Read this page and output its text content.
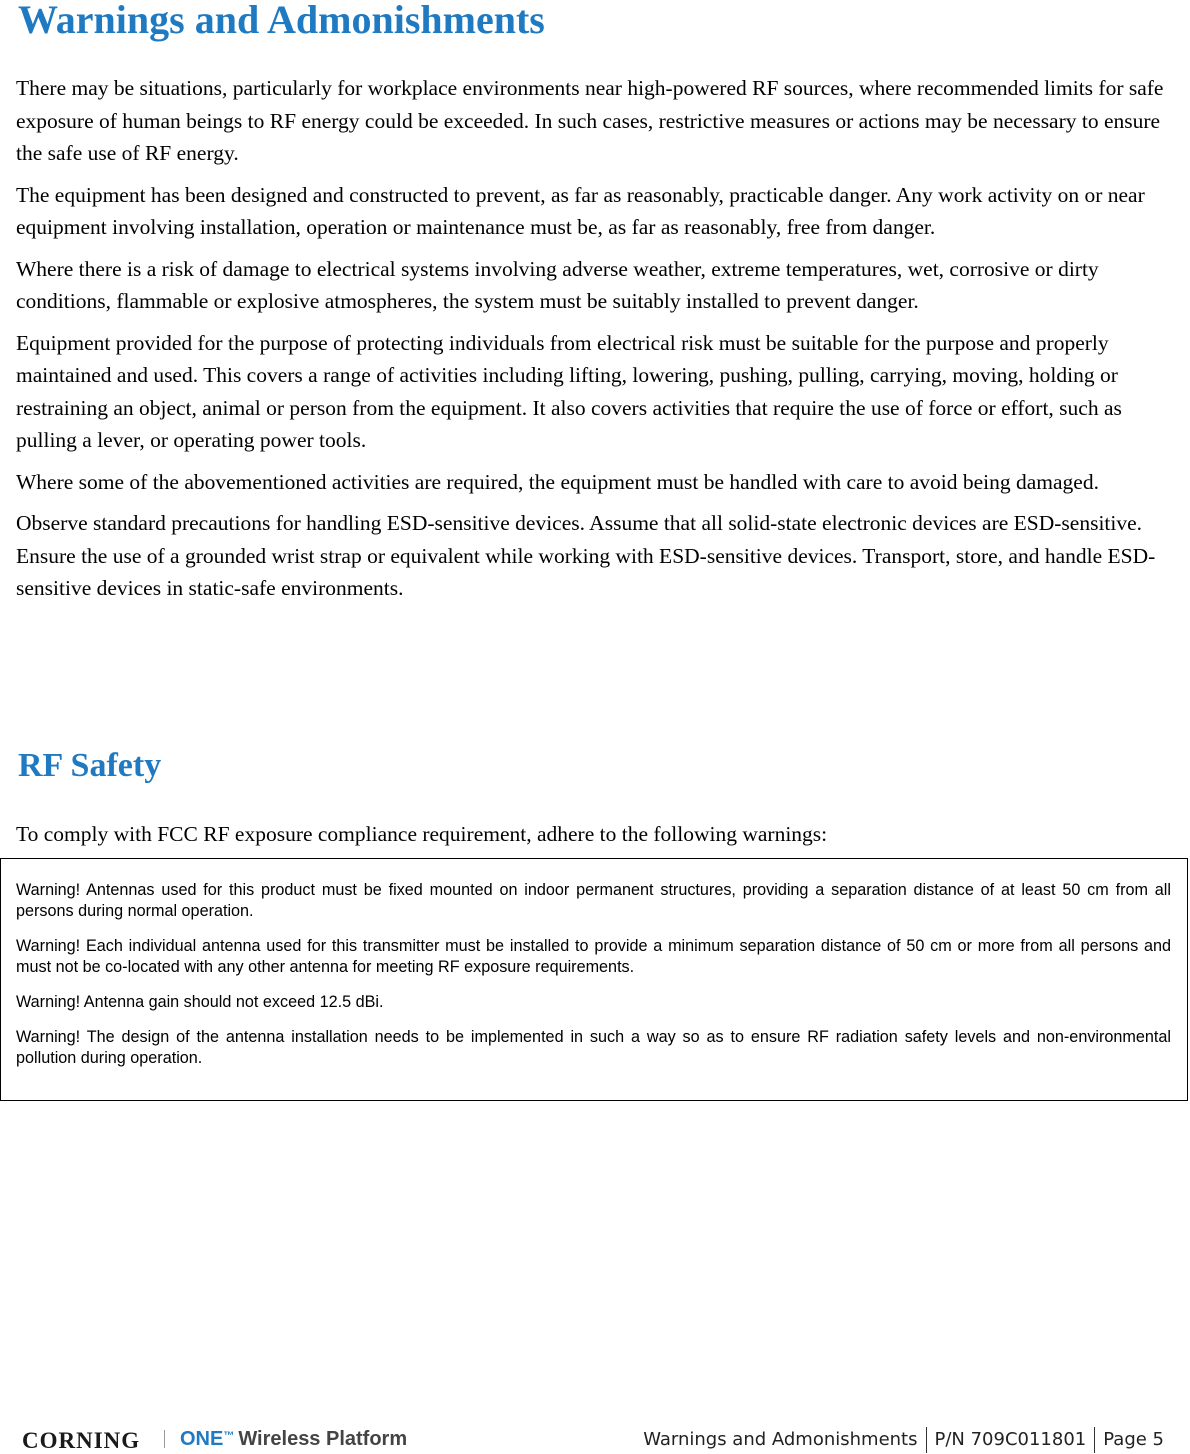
Warnings and Admonishments

There may be situations, particularly for workplace environments near high-powered RF sources, where recommended limits for safe exposure of human beings to RF energy could be exceeded. In such cases, restrictive measures or actions may be necessary to ensure the safe use of RF energy.

The equipment has been designed and constructed to prevent, as far as reasonably, practicable danger. Any work activity on or near equipment involving installation, operation or maintenance must be, as far as reasonably, free from danger.

Where there is a risk of damage to electrical systems involving adverse weather, extreme temperatures, wet, corrosive or dirty conditions, flammable or explosive atmospheres, the system must be suitably installed to prevent danger.

Equipment provided for the purpose of protecting individuals from electrical risk must be suitable for the purpose and properly maintained and used. This covers a range of activities including lifting, lowering, pushing, pulling, carrying, moving, holding or restraining an object, animal or person from the equipment. It also covers activities that require the use of force or effort, such as pulling a lever, or operating power tools.

Where some of the abovementioned activities are required, the equipment must be handled with care to avoid being damaged.

Observe standard precautions for handling ESD-sensitive devices. Assume that all solid-state electronic devices are ESD-sensitive. Ensure the use of a grounded wrist strap or equivalent while working with ESD-sensitive devices. Transport, store, and handle ESD-sensitive devices in static-safe environments.

RF Safety

To comply with FCC RF exposure compliance requirement, adhere to the following warnings:

Warning! Antennas used for this product must be fixed mounted on indoor permanent structures, providing a separation distance of at least 50 cm from all persons during normal operation.

Warning! Each individual antenna used for this transmitter must be installed to provide a minimum separation distance of 50 cm or more from all persons and must not be co-located with any other antenna for meeting RF exposure requirements.

Warning! Antenna gain should not exceed 12.5 dBi.

Warning! The design of the antenna installation needs to be implemented in such a way so as to ensure RF radiation safety levels and non-environmental pollution during operation.

CORNING ONE™ Wireless Platform	Warnings and Admonishments P/N 709C011801 Page 5
